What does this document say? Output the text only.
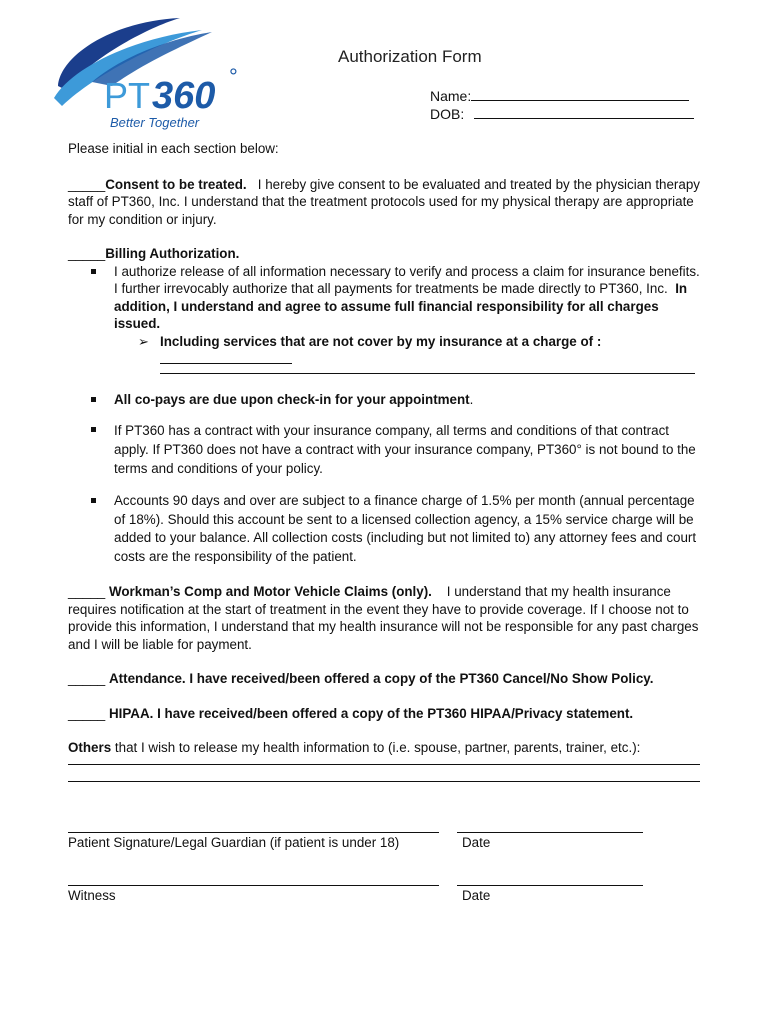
PT 360 °
Better Together
Authorization Form
Name:
DOB:

Please initial in each section below:

_____Consent to be treated. I hereby give consent to be evaluated and treated by the physician therapy staff of PT360, Inc. I understand that the treatment protocols used for my physical therapy are appropriate for my condition or injury.

_____Billing Authorization.
I authorize release of all information necessary to verify and process a claim for insurance benefits. I further irrevocably authorize that all payments for treatments be made directly to PT360, Inc. In addition, I understand and agree to assume full financial responsibility for all charges issued.
➢ Including services that are not cover by my insurance at a charge of :
All co-pays are due upon check-in for your appointment.
If PT360 has a contract with your insurance company, all terms and conditions of that contract apply. If PT360 does not have a contract with your insurance company, PT360° is not bound to the terms and conditions of your policy.
Accounts 90 days and over are subject to a finance charge of 1.5% per month (annual percentage of 18%). Should this account be sent to a licensed collection agency, a 15% service charge will be added to your balance. All collection costs (including but not limited to) any attorney fees and court costs are the responsibility of the patient.

_____ Workman’s Comp and Motor Vehicle Claims (only). I understand that my health insurance requires notification at the start of treatment in the event they have to provide coverage. If I choose not to provide this information, I understand that my health insurance will not be responsible for any past charges and I will be liable for payment.

_____ Attendance. I have received/been offered a copy of the PT360 Cancel/No Show Policy.

_____ HIPAA. I have received/been offered a copy of the PT360 HIPAA/Privacy statement.

Others that I wish to release my health information to (i.e. spouse, partner, parents, trainer, etc.):

Patient Signature/Legal Guardian (if patient is under 18)	Date
Witness	Date
